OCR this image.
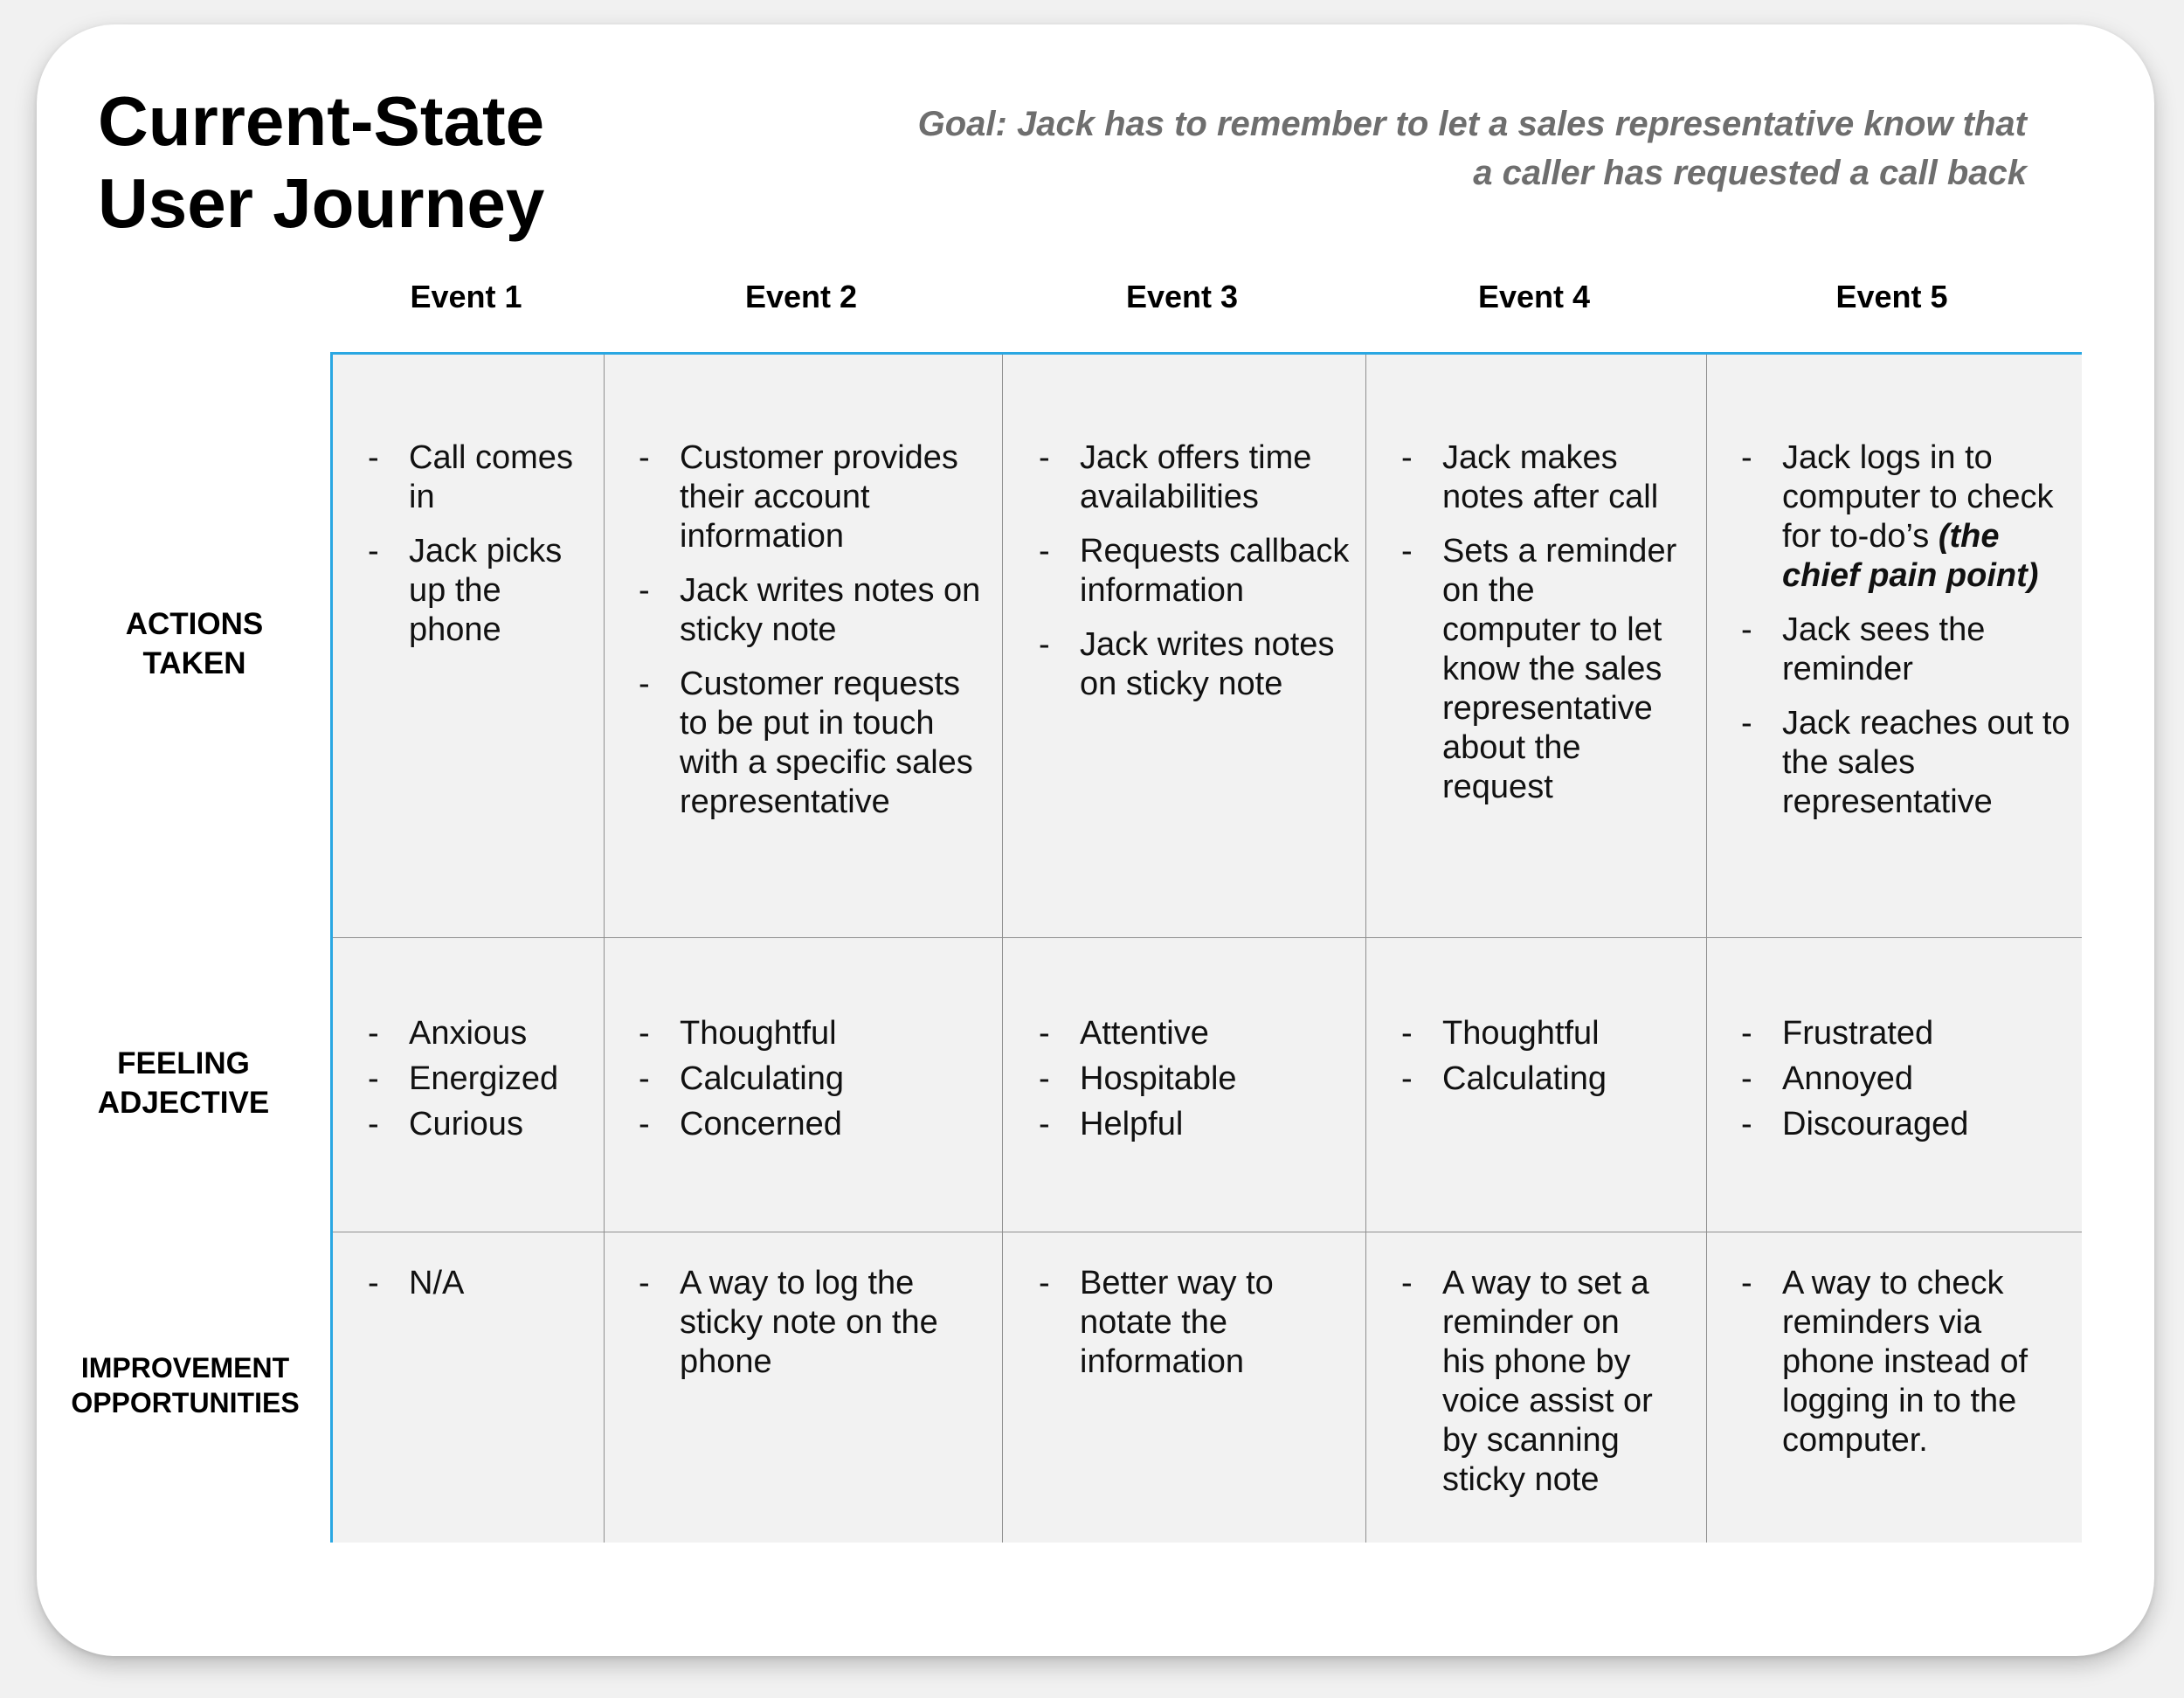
Current-State
User Journey
Goal: Jack has to remember to let a sales representative know that
a caller has requested a call back
Event 1	Event 2	Event 3	Event 4	Event 5
ACTIONS
TAKEN
FEELING
ADJECTIVE
IMPROVEMENT
OPPORTUNITIES
- Call comes in
- Jack picks up the phone
- Customer provides their account information
- Jack writes notes on sticky note
- Customer requests to be put in touch with a specific sales representative
- Jack offers time availabilities
- Requests callback information
- Jack writes notes on sticky note
- Jack makes notes after call
- Sets a reminder on the computer to let know the sales representative about the request
- Jack logs in to computer to check for to-do’s (the chief pain point)
- Jack sees the reminder
- Jack reaches out to the sales representative
- Anxious
- Energized
- Curious
- Thoughtful
- Calculating
- Concerned
- Attentive
- Hospitable
- Helpful
- Thoughtful
- Calculating
- Frustrated
- Annoyed
- Discouraged
- N/A
-	A way to log the sticky note on the phone
- Better way to notate the information
- A way to set a reminder on his phone by voice assist or by scanning sticky note
- A way to check reminders via phone instead of logging in to the computer.
